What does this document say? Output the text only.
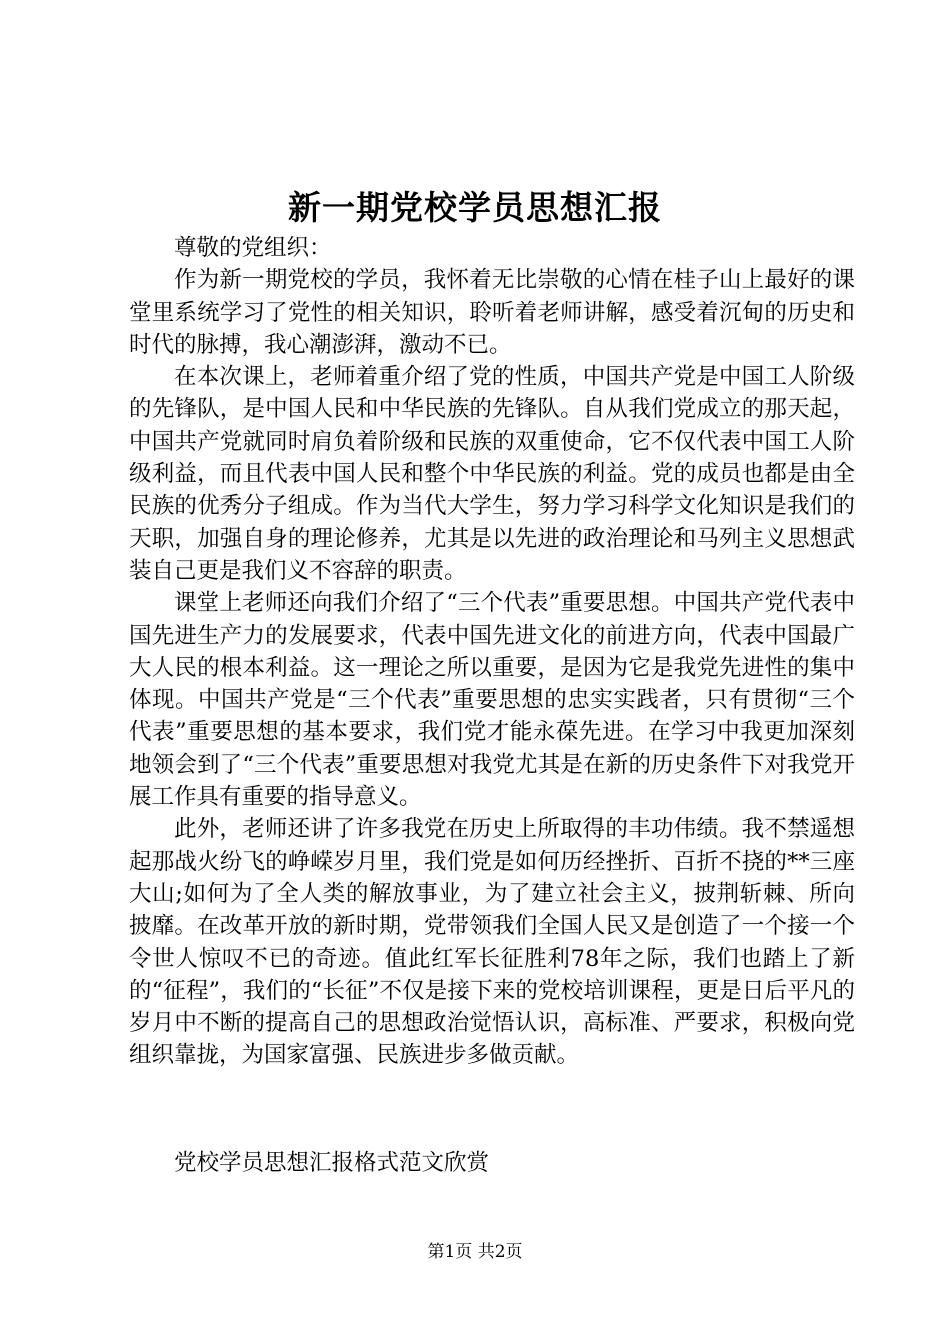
新一期党校学员思想汇报

尊敬的党组织：

作为新一期党校的学员，我怀着无比崇敬的心情在桂子山上最好的课堂里系统学习了党性的相关知识，聆听着老师讲解，感受着沉甸的历史和时代的脉搏，我心潮澎湃，激动不已。

在本次课上，老师着重介绍了党的性质，中国共产党是中国工人阶级的先锋队，是中国人民和中华民族的先锋队。自从我们党成立的那天起，中国共产党就同时肩负着阶级和民族的双重使命，它不仅代表中国工人阶级利益，而且代表中国人民和整个中华民族的利益。党的成员也都是由全民族的优秀分子组成。作为当代大学生，努力学习科学文化知识是我们的天职，加强自身的理论修养，尤其是以先进的政治理论和马列主义思想武装自己更是我们义不容辞的职责。

课堂上老师还向我们介绍了“三个代表”重要思想。中国共产党代表中国先进生产力的发展要求，代表中国先进文化的前进方向，代表中国最广大人民的根本利益。这一理论之所以重要，是因为它是我党先进性的集中体现。中国共产党是“三个代表”重要思想的忠实实践者，只有贯彻“三个代表”重要思想的基本要求，我们党才能永葆先进。在学习中我更加深刻地领会到了“三个代表”重要思想对我党尤其是在新的历史条件下对我党开展工作具有重要的指导意义。

此外，老师还讲了许多我党在历史上所取得的丰功伟绩。我不禁遥想起那战火纷飞的峥嵘岁月里，我们党是如何历经挫折、百折不挠的**三座大山;如何为了全人类的解放事业，为了建立社会主义，披荆斩棘、所向披靡。在改革开放的新时期，党带领我们全国人民又是创造了一个接一个令世人惊叹不已的奇迹。值此红军长征胜利78年之际，我们也踏上了新的“征程”，我们的“长征”不仅是接下来的党校培训课程，更是日后平凡的岁月中不断的提高自己的思想政治觉悟认识，高标准、严要求，积极向党组织靠拢，为国家富强、民族进步多做贡献。

党校学员思想汇报格式范文欣赏
第1页 共2页
